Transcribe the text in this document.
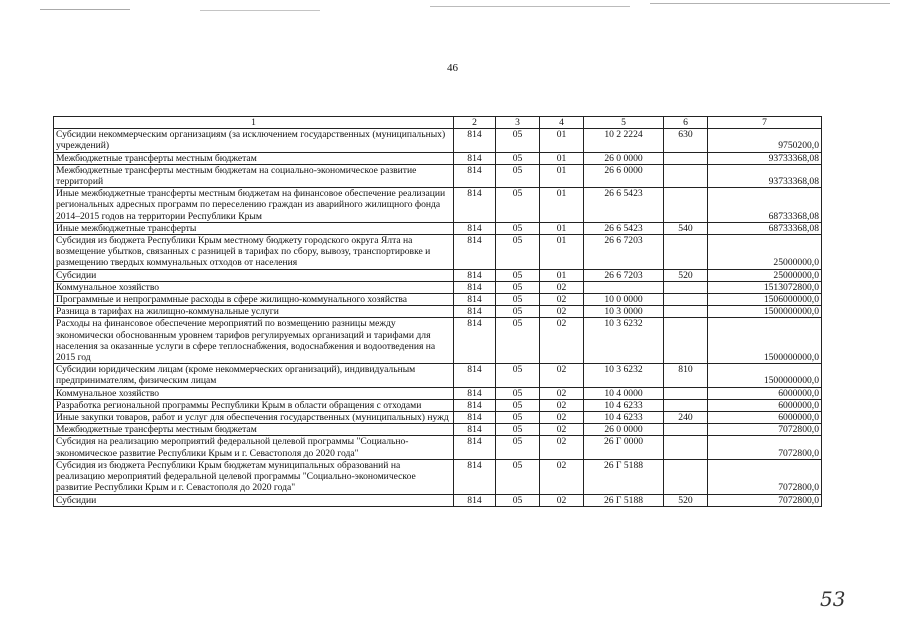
46
1	2	3	4	5	6	7
Субсидии некоммерческим организациям (за исключением государственных (муниципальных) учреждений)	814	05	01	10 2 2224	630	9750200,0
Межбюджетные трансферты местным бюджетам	814	05	01	26 0 0000		93733368,08
Межбюджетные трансферты местным бюджетам на социально-экономическое развитие территорий	814	05	01	26 6 0000		93733368,08
Иные межбюджетные трансферты местным бюджетам на финансовое обеспечение реализации региональных адресных программ по переселению граждан из аварийного жилищного фонда 2014–2015 годов на территории Республики Крым	814	05	01	26 6 5423		68733368,08
Иные межбюджетные трансферты	814	05	01	26 6 5423	540	68733368,08
Субсидия из бюджета Республики Крым местному бюджету городского округа Ялта на возмещение убытков, связанных с разницей в тарифах по сбору, вывозу, транспортировке и размещению твердых коммунальных отходов от населения	814	05	01	26 6 7203		25000000,0
Субсидии	814	05	01	26 6 7203	520	25000000,0
Коммунальное хозяйство	814	05	02			1513072800,0
Программные и непрограммные расходы в сфере жилищно-коммунального хозяйства	814	05	02	10 0 0000		1506000000,0
Разница в тарифах на жилищно-коммунальные услуги	814	05	02	10 3 0000		1500000000,0
Расходы на финансовое обеспечение мероприятий по возмещению разницы между экономически обоснованным уровнем тарифов регулируемых организаций и тарифами для населения за оказанные услуги в сфере теплоснабжения, водоснабжения и водоотведения на 2015 год	814	05	02	10 3 6232		1500000000,0
Субсидии юридическим лицам (кроме некоммерческих организаций), индивидуальным предпринимателям, физическим лицам	814	05	02	10 3 6232	810	1500000000,0
Коммунальное хозяйство	814	05	02	10 4 0000		6000000,0
Разработка региональной программы Республики Крым в области обращения с отходами	814	05	02	10 4 6233		6000000,0
Иные закупки товаров, работ и услуг для обеспечения государственных (муниципальных) нужд	814	05	02	10 4 6233	240	6000000,0
Межбюджетные трансферты местным бюджетам	814	05	02	26 0 0000		7072800,0
Субсидия на реализацию мероприятий федеральной целевой программы "Социально-экономическое развитие Республики Крым и г. Севастополя до 2020 года"	814	05	02	26 Г 0000		7072800,0
Субсидия из бюджета Республики Крым бюджетам муниципальных образований на реализацию мероприятий федеральной целевой программы "Социально-экономическое развитие Республики Крым и г. Севастополя до 2020 года"	814	05	02	26 Г 5188		7072800,0
Субсидии	814	05	02	26 Г 5188	520	7072800,0
53
